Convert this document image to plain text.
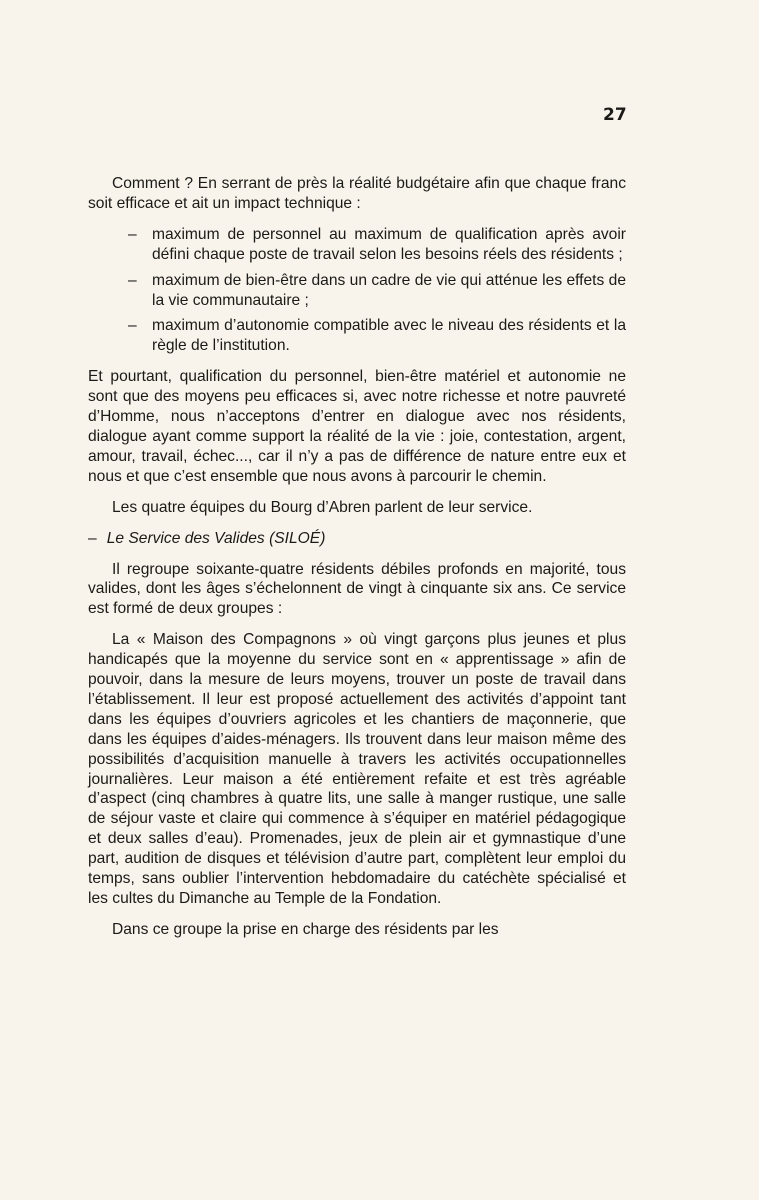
27

Comment ? En serrant de près la réalité budgétaire afin que chaque franc soit efficace et ait un impact technique :

– maximum de personnel au maximum de qualification après avoir défini chaque poste de travail selon les besoins réels des résidents ;
– maximum de bien-être dans un cadre de vie qui atténue les effets de la vie communautaire ;
– maximum d’autonomie compatible avec le niveau des résidents et la règle de l’institution.

Et pourtant, qualification du personnel, bien-être matériel et autonomie ne sont que des moyens peu efficaces si, avec notre richesse et notre pauvreté d’Homme, nous n’acceptons d’entrer en dialogue avec nos résidents, dialogue ayant comme support la réalité de la vie : joie, contestation, argent, amour, travail, échec..., car il n’y a pas de différence de nature entre eux et nous et que c’est ensemble que nous avons à parcourir le chemin.

Les quatre équipes du Bourg d’Abren parlent de leur service.

– Le Service des Valides (SILOÉ)

Il regroupe soixante-quatre résidents débiles profonds en majorité, tous valides, dont les âges s’échelonnent de vingt à cinquante six ans. Ce service est formé de deux groupes :

La « Maison des Compagnons » où vingt garçons plus jeunes et plus handicapés que la moyenne du service sont en « apprentissage » afin de pouvoir, dans la mesure de leurs moyens, trouver un poste de travail dans l’établissement. Il leur est proposé actuellement des activités d’appoint tant dans les équipes d’ouvriers agricoles et les chantiers de maçonnerie, que dans les équipes d’aides-ménagers. Ils trouvent dans leur maison même des possibilités d’acquisition manuelle à travers les activités occupationnelles journalières. Leur maison a été entièrement refaite et est très agréable d’aspect (cinq chambres à quatre lits, une salle à manger rustique, une salle de séjour vaste et claire qui commence à s’équiper en matériel pédagogique et deux salles d’eau). Promenades, jeux de plein air et gymnastique d’une part, audition de disques et télévision d’autre part, complètent leur emploi du temps, sans oublier l’intervention hebdomadaire du catéchète spécialisé et les cultes du Dimanche au Temple de la Fondation.

Dans ce groupe la prise en charge des résidents par les
